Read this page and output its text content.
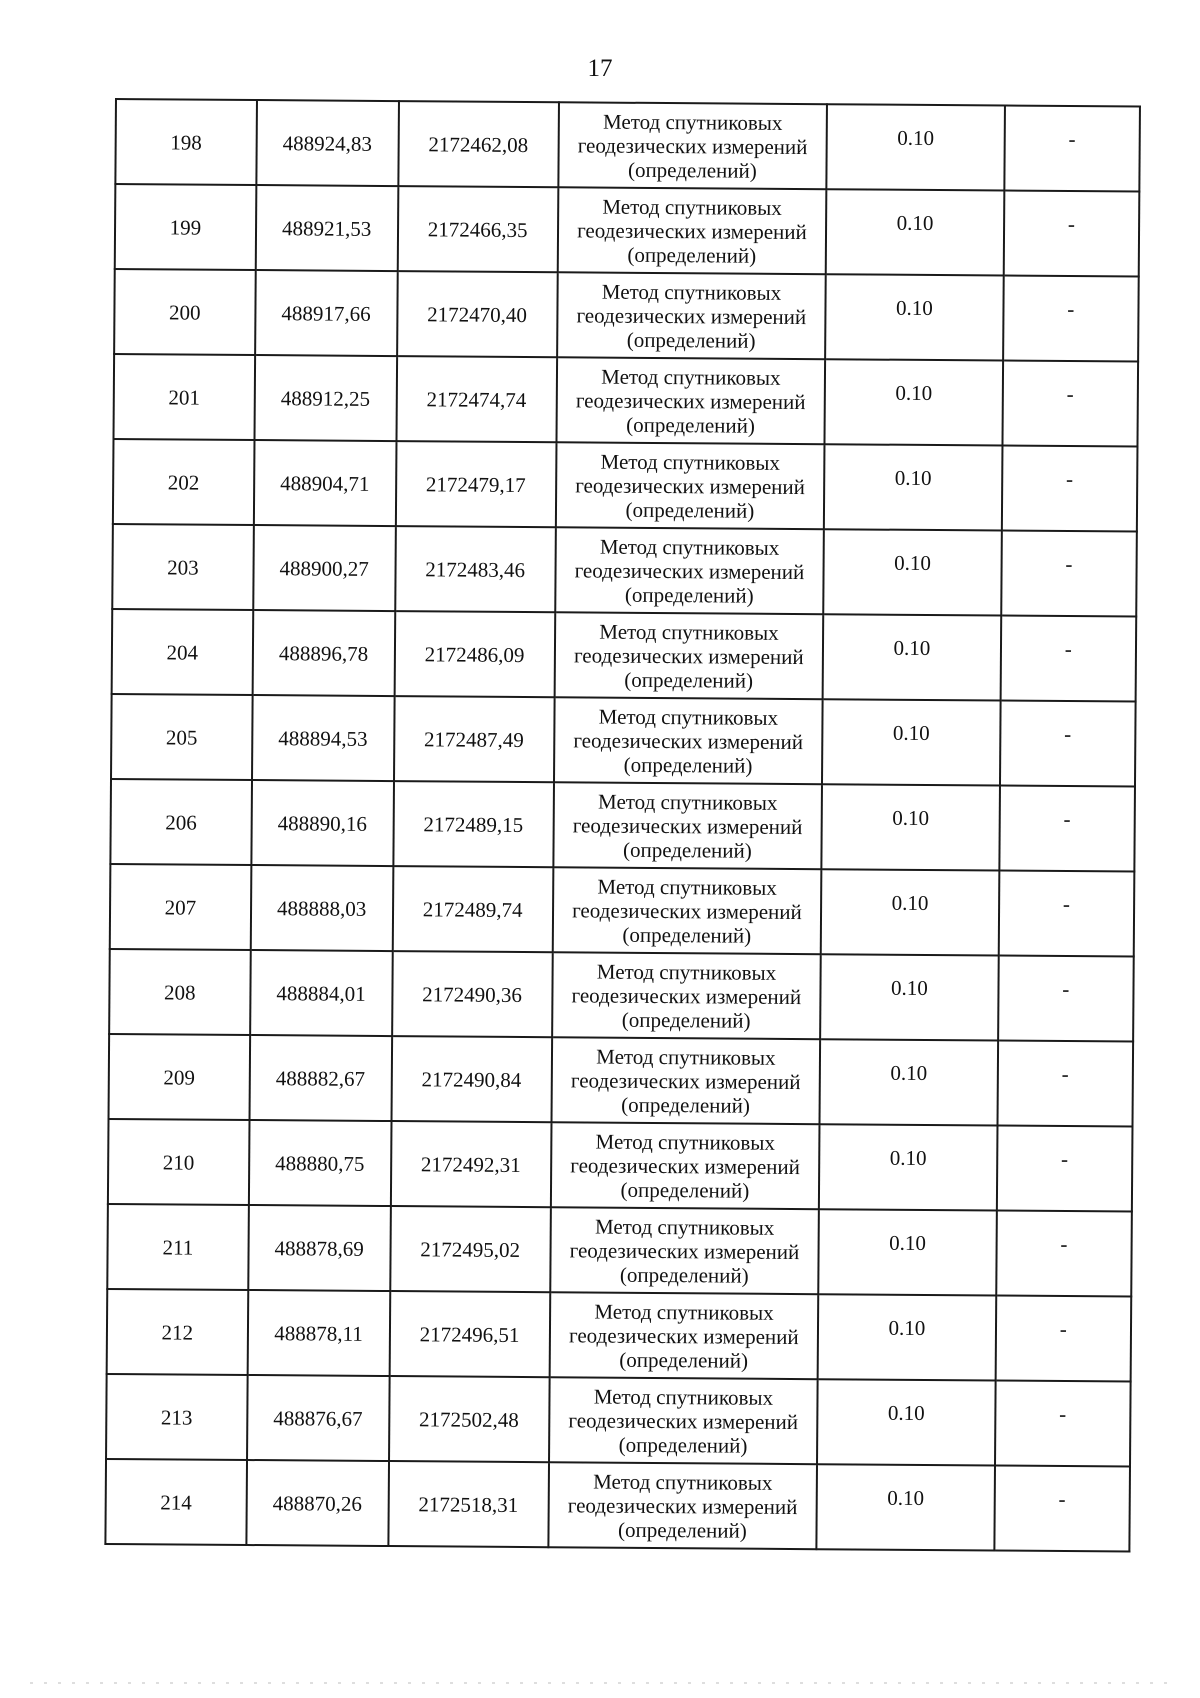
17
198	488924,83	2172462,08	Метод спутниковых
геодезических измерений
(определений)	0.10	-
199	488921,53	2172466,35	Метод спутниковых
геодезических измерений
(определений)	0.10	-
200	488917,66	2172470,40	Метод спутниковых
геодезических измерений
(определений)	0.10	-
201	488912,25	2172474,74	Метод спутниковых
геодезических измерений
(определений)	0.10	-
202	488904,71	2172479,17	Метод спутниковых
геодезических измерений
(определений)	0.10	-
203	488900,27	2172483,46	Метод спутниковых
геодезических измерений
(определений)	0.10	-
204	488896,78	2172486,09	Метод спутниковых
геодезических измерений
(определений)	0.10	-
205	488894,53	2172487,49	Метод спутниковых
геодезических измерений
(определений)	0.10	-
206	488890,16	2172489,15	Метод спутниковых
геодезических измерений
(определений)	0.10	-
207	488888,03	2172489,74	Метод спутниковых
геодезических измерений
(определений)	0.10	-
208	488884,01	2172490,36	Метод спутниковых
геодезических измерений
(определений)	0.10	-
209	488882,67	2172490,84	Метод спутниковых
геодезических измерений
(определений)	0.10	-
210	488880,75	2172492,31	Метод спутниковых
геодезических измерений
(определений)	0.10	-
211	488878,69	2172495,02	Метод спутниковых
геодезических измерений
(определений)	0.10	-
212	488878,11	2172496,51	Метод спутниковых
геодезических измерений
(определений)	0.10	-
213	488876,67	2172502,48	Метод спутниковых
геодезических измерений
(определений)	0.10	-
214	488870,26	2172518,31	Метод спутниковых
геодезических измерений
(определений)	0.10	-
